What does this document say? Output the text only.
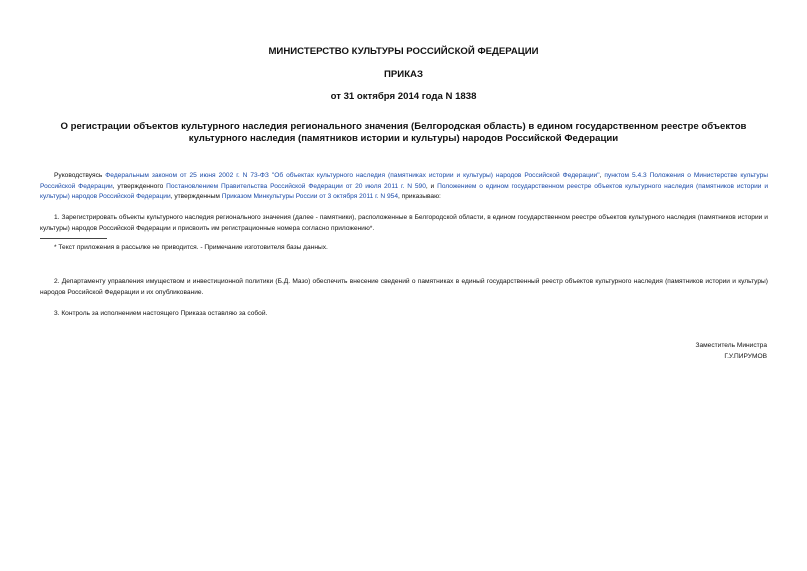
МИНИСТЕРСТВО КУЛЬТУРЫ РОССИЙСКОЙ ФЕДЕРАЦИИ
ПРИКАЗ
от 31 октября 2014 года N 1838
О регистрации объектов культурного наследия регионального значения (Белгородская область) в едином государственном реестре объектов культурного наследия (памятников истории и культуры) народов Российской Федерации
Руководствуясь Федеральным законом от 25 июня 2002 г. N 73-ФЗ "Об объектах культурного наследия (памятниках истории и культуры) народов Российской Федерации", пунктом 5.4.3 Положения о Министерстве культуры Российской Федерации, утвержденного Постановлением Правительства Российской Федерации от 20 июля 2011 г. N 590, и Положением о едином государственном реестре объектов культурного наследия (памятников истории и культуры) народов Российской Федерации, утвержденным Приказом Минкультуры России от 3 октября 2011 г. N 954, приказываю:
1. Зарегистрировать объекты культурного наследия регионального значения (далее - памятники), расположенные в Белгородской области, в едином государственном реестре объектов культурного наследия (памятников истории и культуры) народов Российской Федерации и присвоить им регистрационные номера согласно приложению*.
* Текст приложения в рассылке не приводится. - Примечание изготовителя базы данных.
2. Департаменту управления имуществом и инвестиционной политики (Б.Д. Мазо) обеспечить внесение сведений о памятниках в единый государственный реестр объектов культурного наследия (памятников истории и культуры) народов Российской Федерации и их опубликование.
3. Контроль за исполнением настоящего Приказа оставляю за собой.
Заместитель Министра
Г.У.ПИРУМОВ
